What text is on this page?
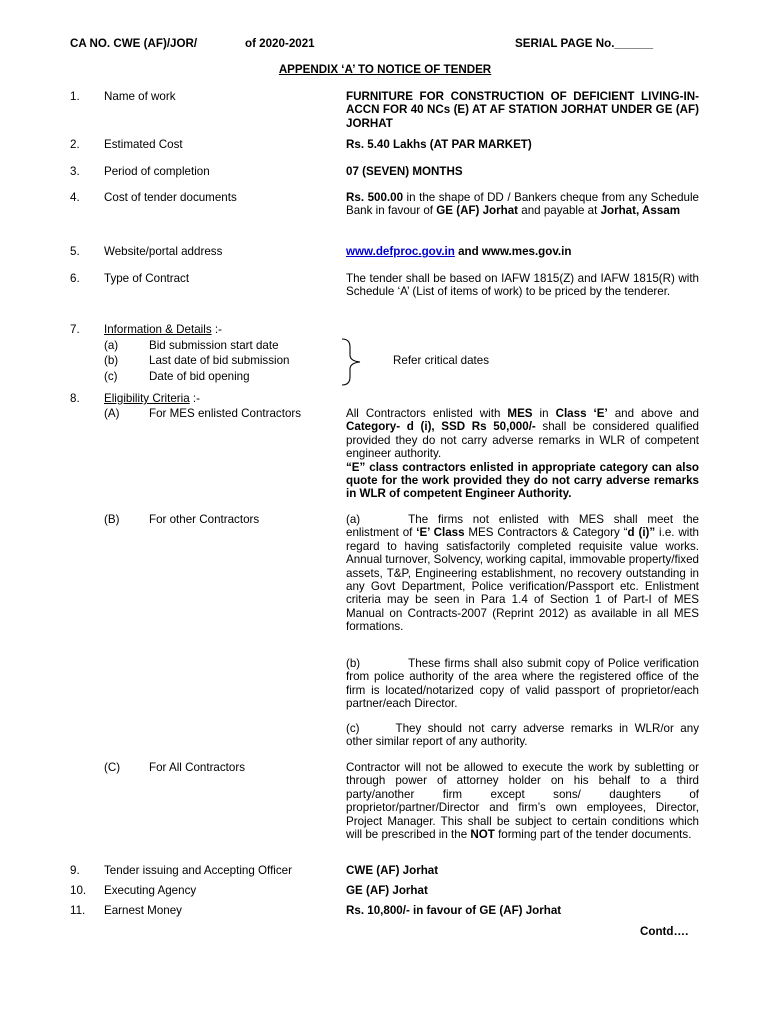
CA NO. CWE (AF)/JOR/	of 2020-2021	SERIAL PAGE No.______
APPENDIX ‘A’ TO NOTICE OF TENDER
1. Name of work	FURNITURE FOR CONSTRUCTION OF DEFICIENT LIVING-IN-ACCN FOR 40 NCs (E) AT AF STATION JORHAT UNDER GE (AF) JORHAT
2. Estimated Cost	Rs. 5.40 Lakhs (AT PAR MARKET)
3. Period of completion	07 (SEVEN) MONTHS
4. Cost of tender documents	Rs. 500.00 in the shape of DD / Bankers cheque from any Schedule Bank in favour of GE (AF) Jorhat and payable at Jorhat, Assam
5. Website/portal address	www.defproc.gov.in and www.mes.gov.in
6. Type of Contract	The tender shall be based on IAFW 1815(Z) and IAFW 1815(R) with Schedule ‘A’ (List of items of work) to be priced by the tenderer.
7. Information & Details :-
(a)	Bid submission start date
(b)	Last date of bid submission
(c)	Date of bid opening
Refer critical dates
8. Eligibility Criteria :-
(A)	For MES enlisted Contractors	All Contractors enlisted with MES in Class ‘E’ and above and Category- d (i), SSD Rs 50,000/- shall be considered qualified provided they do not carry adverse remarks in WLR of competent engineer authority.
“E” class contractors enlisted in appropriate category can also quote for the work provided they do not carry adverse remarks in WLR of competent Engineer Authority.
(B)	For other Contractors	(a)	The firms not enlisted with MES shall meet the enlistment of ‘E’ Class MES Contractors & Category “d (i)” i.e. with regard to having satisfactorily completed requisite value works. Annual turnover, Solvency, working capital, immovable property/fixed assets, T&P, Engineering establishment, no recovery outstanding in any Govt Department, Police verification/Passport etc. Enlistment criteria may be seen in Para 1.4 of Section 1 of Part-I of MES Manual on Contracts-2007 (Reprint 2012) as available in all MES formations.
(b)	These firms shall also submit copy of Police verification from police authority of the area where the registered office of the firm is located/notarized copy of valid passport of proprietor/each partner/each Director.
(c)	They should not carry adverse remarks in WLR/or any other similar report of any authority.
(C) For All Contractors	Contractor will not be allowed to execute the work by subletting or through power of attorney holder on his behalf to a third party/another firm except sons/ daughters of proprietor/partner/Director and firm’s own employees, Director, Project Manager. This shall be subject to certain conditions which will be prescribed in the NOT forming part of the tender documents.
9. Tender issuing and Accepting Officer	CWE (AF) Jorhat
10. Executing Agency	GE (AF) Jorhat
11. Earnest Money	Rs. 10,800/- in favour of GE (AF) Jorhat
Contd….
